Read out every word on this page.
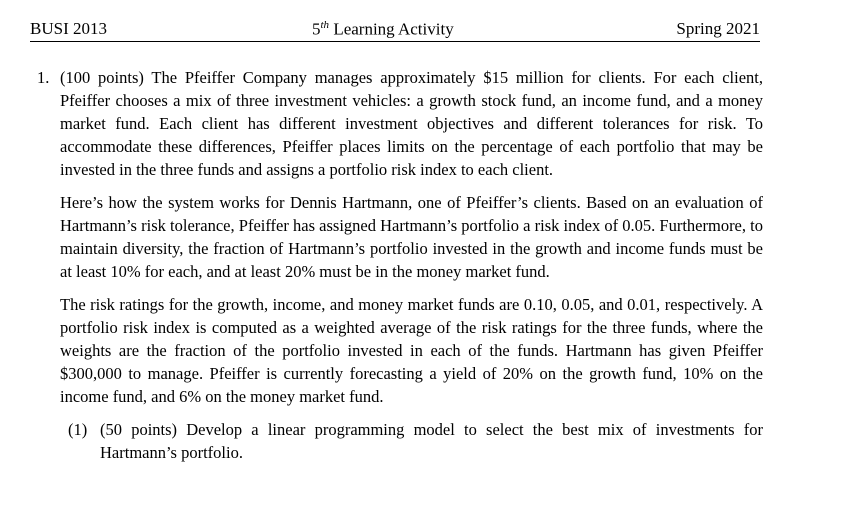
BUSI 2013	5th Learning Activity	Spring 2021
1. (100 points) The Pfeiffer Company manages approximately $15 million for clients. For each client, Pfeiffer chooses a mix of three investment vehicles: a growth stock fund, an income fund, and a money market fund. Each client has different investment objectives and different tolerances for risk. To accommodate these differences, Pfeiffer places limits on the percentage of each portfolio that may be invested in the three funds and assigns a portfolio risk index to each client.

Here’s how the system works for Dennis Hartmann, one of Pfeiffer’s clients. Based on an evaluation of Hartmann’s risk tolerance, Pfeiffer has assigned Hartmann’s portfolio a risk index of 0.05. Furthermore, to maintain diversity, the fraction of Hartmann’s portfolio invested in the growth and income funds must be at least 10% for each, and at least 20% must be in the money market fund.

The risk ratings for the growth, income, and money market funds are 0.10, 0.05, and 0.01, respectively. A portfolio risk index is computed as a weighted average of the risk ratings for the three funds, where the weights are the fraction of the portfolio invested in each of the funds. Hartmann has given Pfeiffer $300,000 to manage. Pfeiffer is currently forecasting a yield of 20% on the growth fund, 10% on the income fund, and 6% on the money market fund.

(1) (50 points) Develop a linear programming model to select the best mix of investments for Hartmann’s portfolio.
